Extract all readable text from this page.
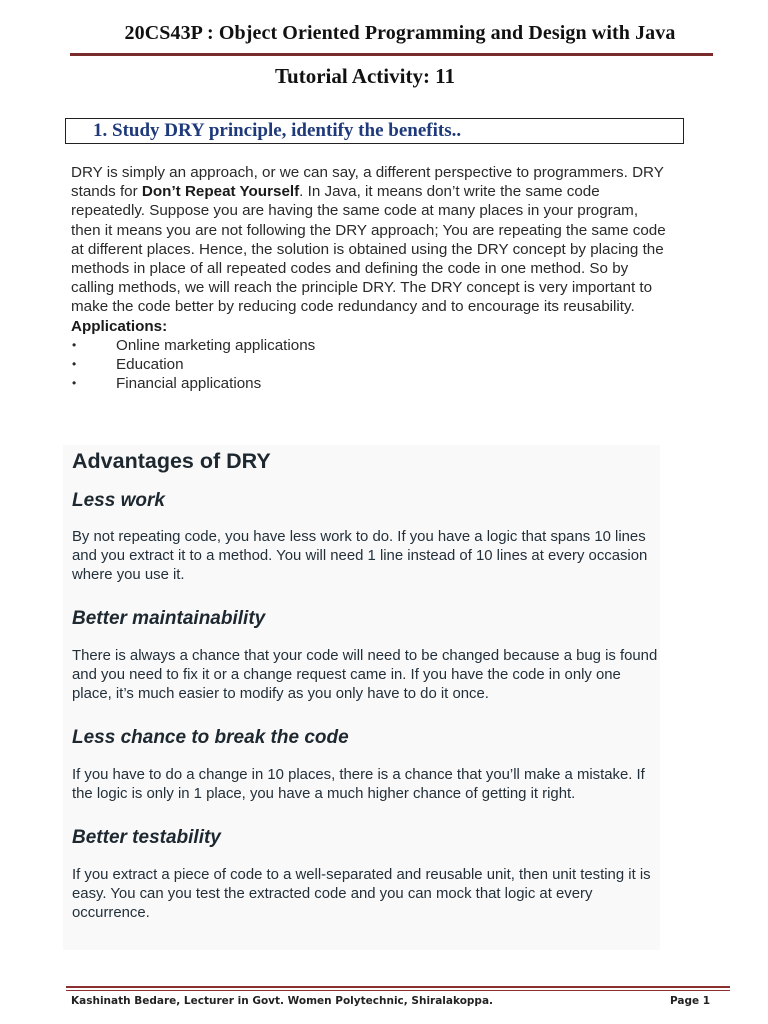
20CS43P : Object Oriented Programming and Design with Java
Tutorial Activity: 11
1. Study DRY principle, identify the benefits..

DRY is simply an approach, or we can say, a different perspective to programmers. DRY stands for Don’t Repeat Yourself. In Java, it means don’t write the same code repeatedly. Suppose you are having the same code at many places in your program, then it means you are not following the DRY approach; You are repeating the same code at different places. Hence, the solution is obtained using the DRY concept by placing the methods in place of all repeated codes and defining the code in one method. So by calling methods, we will reach the principle DRY. The DRY concept is very important to make the code better by reducing code redundancy and to encourage its reusability.

Applications:

•	Online marketing applications
•	Education
•	Financial applications
Advantages of DRY
Less work

By not repeating code, you have less work to do. If you have a logic that spans 10 lines and you extract it to a method. You will need 1 line instead of 10 lines at every occasion where you use it.

Better maintainability

There is always a chance that your code will need to be changed because a bug is found and you need to fix it or a change request came in. If you have the code in only one place, it’s much easier to modify as you only have to do it once.

Less chance to break the code

If you have to do a change in 10 places, there is a chance that you’ll make a mistake. If the logic is only in 1 place, you have a much higher chance of getting it right.

Better testability

If you extract a piece of code to a well-separated and reusable unit, then unit testing it is easy. You can you test the extracted code and you can mock that logic at every occurrence.

Kashinath Bedare, Lecturer in Govt. Women Polytechnic, Shiralakoppa.	Page 1
